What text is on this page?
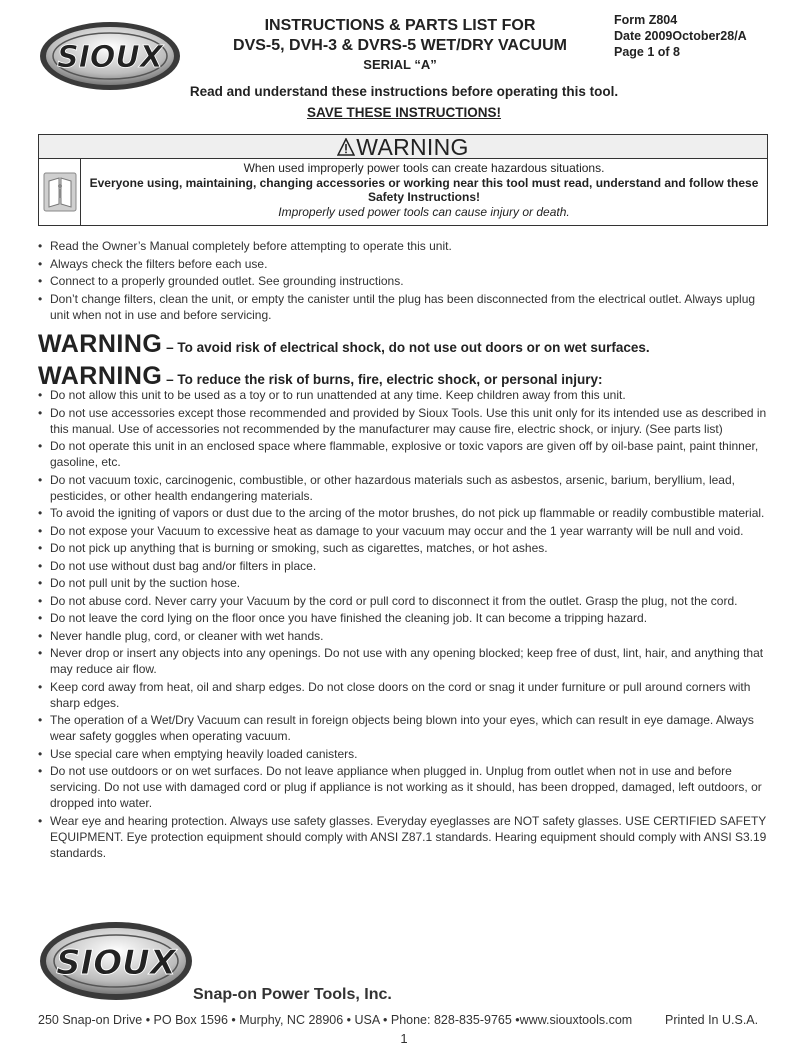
SIOUX
INSTRUCTIONS & PARTS LIST FOR
DVS-5, DVH-3 & DVRS-5 WET/DRY VACUUM
SERIAL “A”
Form Z804
Date 2009October28/A
Page 1 of 8
Read and understand these instructions before operating this tool.
SAVE THESE INSTRUCTIONS!
WARNING
When used improperly power tools can create hazardous situations.
Everyone using, maintaining, changing accessories or working near this tool must read, understand and follow these Safety Instructions!
Improperly used power tools can cause injury or death.
• Read the Owner’s Manual completely before attempting to operate this unit.
• Always check the filters before each use.
• Connect to a properly grounded outlet. See grounding instructions.
• Don’t change filters, clean the unit, or empty the canister until the plug has been disconnected from the electrical outlet. Always uplug unit when not in use and before servicing.
WARNING – To avoid risk of electrical shock, do not use out doors or on wet surfaces.
WARNING – To reduce the risk of burns, fire, electric shock, or personal injury:
• Do not allow this unit to be used as a toy or to run unattended at any time. Keep children away from this unit.
• Do not use accessories except those recommended and provided by Sioux Tools. Use this unit only for its intended use as described in this manual. Use of accessories not recommended by the manufacturer may cause fire, electric shock, or injury. (See parts list)
• Do not operate this unit in an enclosed space where flammable, explosive or toxic vapors are given off by oil-base paint, paint thinner, gasoline, etc.
• Do not vacuum toxic, carcinogenic, combustible, or other hazardous materials such as asbestos, arsenic, barium, beryllium, lead, pesticides, or other health endangering materials.
• To avoid the igniting of vapors or dust due to the arcing of the motor brushes, do not pick up flammable or readily combustible material.
• Do not expose your Vacuum to excessive heat as damage to your vacuum may occur and the 1 year warranty will be null and void.
• Do not pick up anything that is burning or smoking, such as cigarettes, matches, or hot ashes.
• Do not use without dust bag and/or filters in place.
• Do not pull unit by the suction hose.
• Do not abuse cord. Never carry your Vacuum by the cord or pull cord to disconnect it from the outlet. Grasp the plug, not the cord.
• Do not leave the cord lying on the floor once you have finished the cleaning job. It can become a tripping hazard.
• Never handle plug, cord, or cleaner with wet hands.
• Never drop or insert any objects into any openings. Do not use with any opening blocked; keep free of dust, lint, hair, and anything that may reduce air flow.
• Keep cord away from heat, oil and sharp edges. Do not close doors on the cord or snag it under furniture or pull around corners with sharp edges.
• The operation of a Wet/Dry Vacuum can result in foreign objects being blown into your eyes, which can result in eye damage. Always wear safety goggles when operating vacuum.
• Use special care when emptying heavily loaded canisters.
• Do not use outdoors or on wet surfaces. Do not leave appliance when plugged in. Unplug from outlet when not in use and before servicing. Do not use with damaged cord or plug if appliance is not working as it should, has been dropped, damaged, left outdoors, or dropped into water.
• Wear eye and hearing protection. Always use safety glasses. Everyday eyeglasses are NOT safety glasses. USE CERTIFIED SAFETY EQUIPMENT. Eye protection equipment should comply with ANSI Z87.1 standards. Hearing equipment should comply with ANSI S3.19 standards.
SIOUX
Snap-on Power Tools, Inc.
250 Snap-on Drive • PO Box 1596 • Murphy, NC 28906 • USA • Phone: 828-835-9765 •www.siouxtools.com	Printed In U.S.A.
1
